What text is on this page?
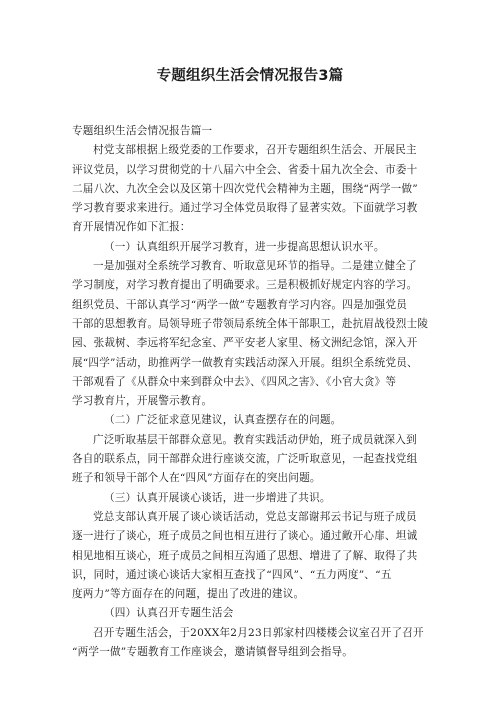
专题组织生活会情况报告3篇
专题组织生活会情况报告篇一
村党支部根据上级党委的工作要求，召开专题组织生活会、开展民主
评议党员，以学习贯彻党的十八届六中全会、省委十届九次全会、市委十
二届八次、九次全会以及区第十四次党代会精神为主题，围绕“两学一做”
学习教育要求来进行。通过学习全体党员取得了显著实效。下面就学习教
育开展情况作如下汇报：
（一）认真组织开展学习教育，进一步提高思想认识水平。
一是加强对全系统学习教育、听取意见环节的指导。二是建立健全了
学习制度，对学习教育提出了明确要求。三是积极抓好规定内容的学习。
组织党员、干部认真学习“两学一做”专题教育学习内容。四是加强党员
干部的思想教育。局领导班子带领局系统全体干部职工，赴抗眉战役烈士陵
园、张裁树、李远将军纪念室、严平安老人家里、杨文洲纪念馆，深入开
展“四学”活动，助推两学一做教育实践活动深入开展。组织全系统党员、
干部观看了《从群众中来到群众中去》、《四风之害》、《小官大贪》等
学习教育片，开展警示教育。
（二）广泛征求意见建议，认真查摆存在的问题。
广泛听取基层干部群众意见。教育实践活动伊始，班子成员就深入到
各自的联系点，同干部群众进行座谈交流，广泛听取意见，一起查找党组
班子和领导干部个人在“四风”方面存在的突出问题。
（三）认真开展谈心谈话，进一步增进了共识。
党总支部认真开展了谈心谈话活动，党总支部谢邦云书记与班子成员
逐一进行了谈心，班子成员之间也相互进行了谈心。通过敞开心扉、坦诚
相见地相互谈心，班子成员之间相互沟通了思想、增进了了解、取得了共
识，同时，通过谈心谈话大家相互查找了“四风”、“五力两度”、“五
度两力”等方面存在的问题，提出了改进的建议。
（四）认真召开专题生活会
召开专题生活会，于20XX年2月23日郭家村四楼楼会议室召开了召开
“两学一做”专题教育工作座谈会，邀请镇督导组到会指导。
